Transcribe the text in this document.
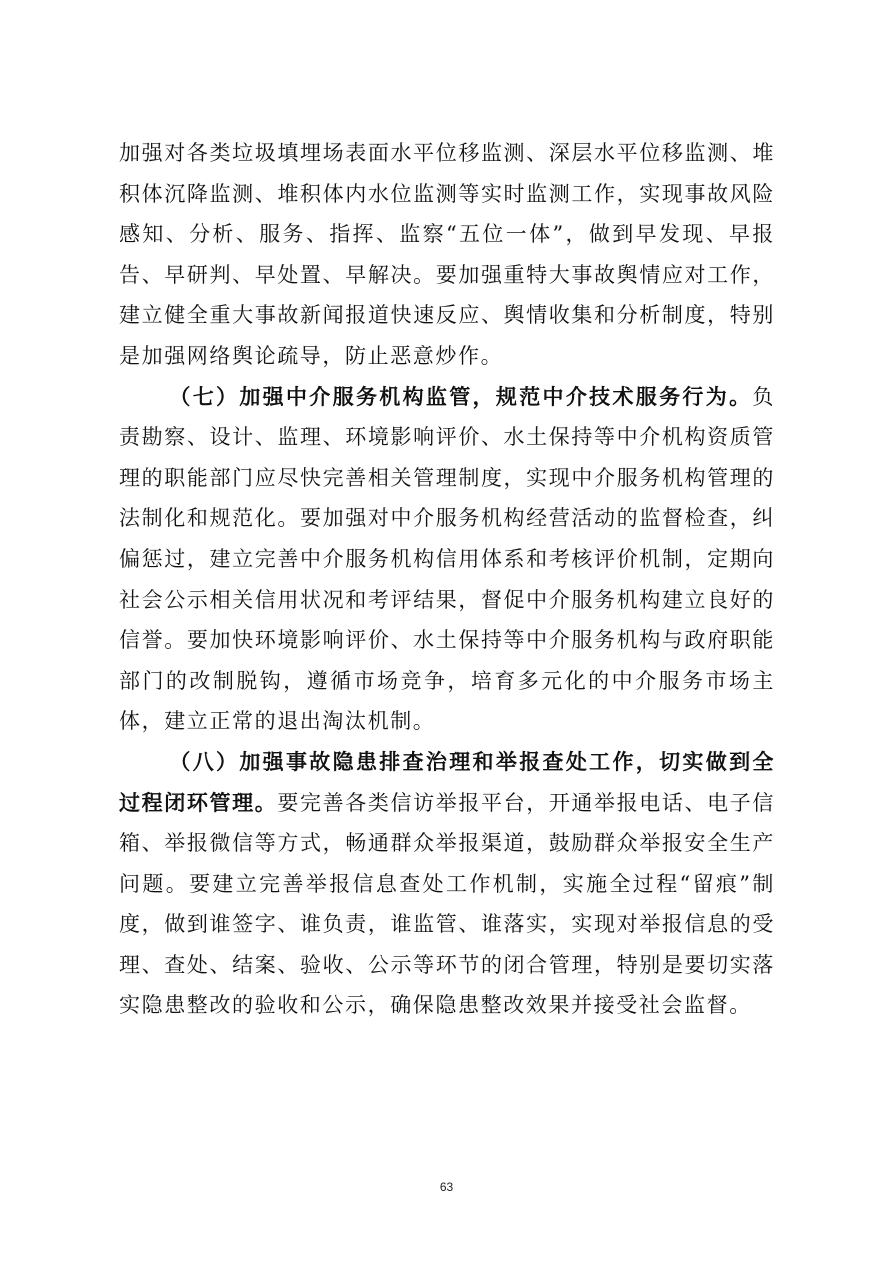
加强对各类垃圾填埋场表面水平位移监测、深层水平位移监测、堆积体沉降监测、堆积体内水位监测等实时监测工作，实现事故风险感知、分析、服务、指挥、监察“五位一体”，做到早发现、早报告、早研判、早处置、早解决。要加强重特大事故舆情应对工作，建立健全重大事故新闻报道快速反应、舆情收集和分析制度，特别是加强网络舆论疏导，防止恶意炒作。

（七）加强中介服务机构监管，规范中介技术服务行为。负责勘察、设计、监理、环境影响评价、水土保持等中介机构资质管理的职能部门应尽快完善相关管理制度，实现中介服务机构管理的法制化和规范化。要加强对中介服务机构经营活动的监督检查，纠偏惩过，建立完善中介服务机构信用体系和考核评价机制，定期向社会公示相关信用状况和考评结果，督促中介服务机构建立良好的信誉。要加快环境影响评价、水土保持等中介服务机构与政府职能部门的改制脱钩，遵循市场竞争，培育多元化的中介服务市场主体，建立正常的退出淘汰机制。

（八）加强事故隐患排查治理和举报查处工作，切实做到全过程闭环管理。要完善各类信访举报平台，开通举报电话、电子信箱、举报微信等方式，畅通群众举报渠道，鼓励群众举报安全生产问题。要建立完善举报信息查处工作机制，实施全过程“留痕”制度，做到谁签字、谁负责，谁监管、谁落实，实现对举报信息的受理、查处、结案、验收、公示等环节的闭合管理，特别是要切实落实隐患整改的验收和公示，确保隐患整改效果并接受社会监督。

63
